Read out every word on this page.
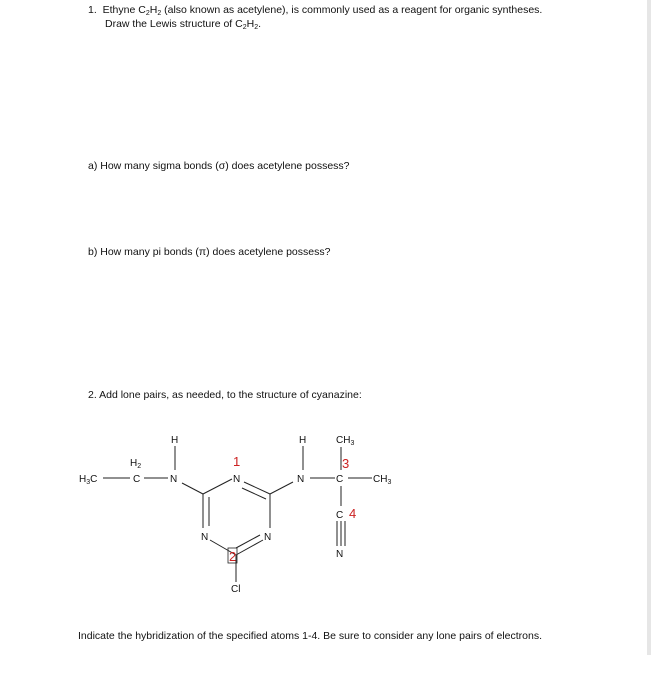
1. Ethyne $C_2H_2$ (also known as acetylene), is commonly used as a reagent for organic syntheses.
Draw the Lewis structure of $C_2H_2$.
a) How many sigma bonds (σ) does acetylene possess?
b) How many pi bonds (π) does acetylene possess?
2. Add lone pairs, as needed, to the structure of cyanazine:
$H_3C$
$H_2$
C	N
H
N
N	N
Cl
N
H
C
$CH_3$
$CH_3$
C
N
1
2
3
4
Indicate the hybridization of the specified atoms 1-4. Be sure to consider any lone pairs of electrons.
